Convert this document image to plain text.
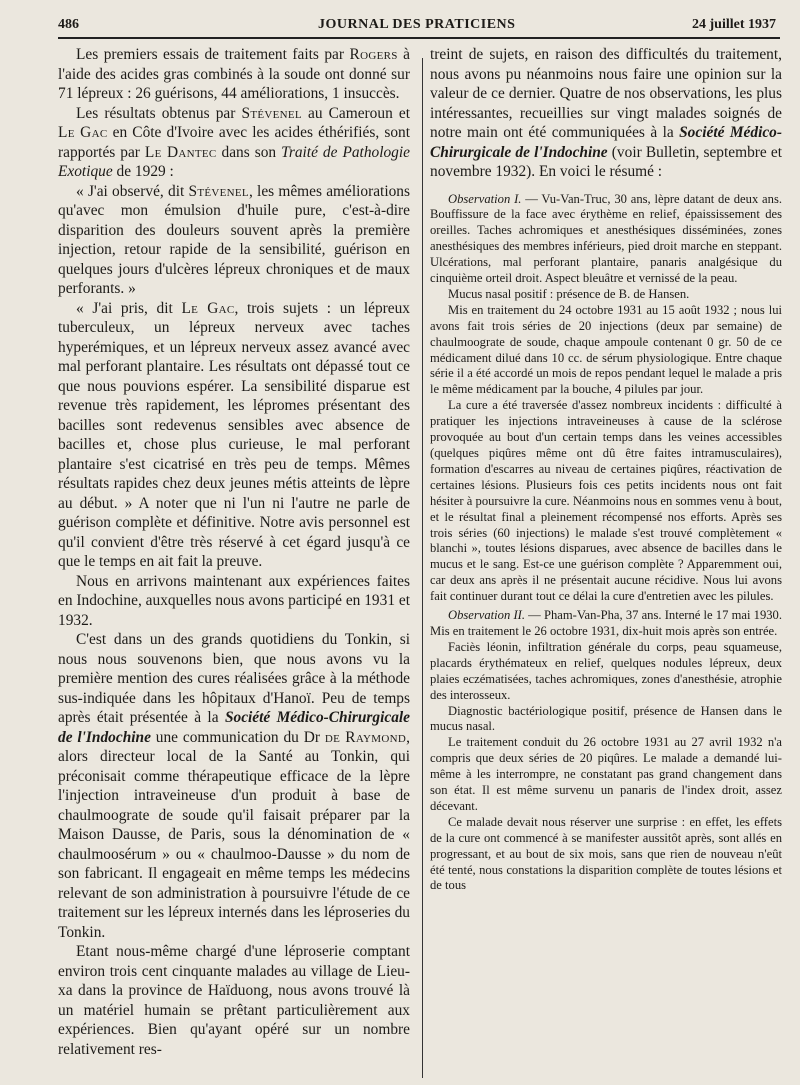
486	JOURNAL DES PRATICIENS	24 juillet 1937

Les premiers essais de traitement faits par Rogers à l'aide des acides gras combinés à la soude ont donné sur 71 lépreux : 26 guérisons, 44 améliorations, 1 insuccès.

Les résultats obtenus par Stévenel au Cameroun et Le Gac en Côte d'Ivoire avec les acides éthérifiés, sont rapportés par Le Dantec dans son Traité de Pathologie Exotique de 1929 :

« J'ai observé, dit Stévenel, les mêmes améliorations qu'avec mon émulsion d'huile pure, c'est-à-dire disparition des douleurs souvent après la première injection, retour rapide de la sensibilité, guérison en quelques jours d'ulcères lépreux chroniques et de maux perforants. »

« J'ai pris, dit Le Gac, trois sujets : un lépreux tuberculeux, un lépreux nerveux avec taches hyperémiques, et un lépreux nerveux assez avancé avec mal perforant plantaire. Les résultats ont dépassé tout ce que nous pouvions espérer. La sensibilité disparue est revenue très rapidement, les lépromes présentant des bacilles sont redevenus sensibles avec absence de bacilles et, chose plus curieuse, le mal perforant plantaire s'est cicatrisé en très peu de temps. Mêmes résultats rapides chez deux jeunes métis atteints de lèpre au début. » A noter que ni l'un ni l'autre ne parle de guérison complète et définitive. Notre avis personnel est qu'il convient d'être très réservé à cet égard jusqu'à ce que le temps en ait fait la preuve.

Nous en arrivons maintenant aux expériences faites en Indochine, auxquelles nous avons participé en 1931 et 1932.

C'est dans un des grands quotidiens du Tonkin, si nous nous souvenons bien, que nous avons vu la première mention des cures réalisées grâce à la méthode sus-indiquée dans les hôpitaux d'Hanoï. Peu de temps après était présentée à la Société Médico-Chirurgicale de l'Indochine une communication du Dr de Raymond, alors directeur local de la Santé au Tonkin, qui préconisait comme thérapeutique efficace de la lèpre l'injection intraveineuse d'un produit à base de chaulmoograte de soude qu'il faisait préparer par la Maison Dausse, de Paris, sous la dénomination de « chaulmoosérum » ou « chaulmoo-Dausse » du nom de son fabricant. Il engageait en même temps les médecins relevant de son administration à poursuivre l'étude de ce traitement sur les lépreux internés dans les léproseries du Tonkin.

Etant nous-même chargé d'une léproserie comptant environ trois cent cinquante malades au village de Lieu-xa dans la province de Haïduong, nous avons trouvé là un matériel humain se prêtant particulièrement aux expériences. Bien qu'ayant opéré sur un nombre relativement res-

treint de sujets, en raison des difficultés du traitement, nous avons pu néanmoins nous faire une opinion sur la valeur de ce dernier. Quatre de nos observations, les plus intéressantes, recueillies sur vingt malades soignés de notre main ont été communiquées à la Société Médico-Chirurgicale de l'Indochine (voir Bulletin, septembre et novembre 1932). En voici le résumé :

Observation I. — Vu-Van-Truc, 30 ans, lèpre datant de deux ans. Bouffissure de la face avec érythème en relief, épaississement des oreilles. Taches achromiques et anesthésiques disséminées, zones anesthésiques des membres inférieurs, pied droit marche en steppant. Ulcérations, mal perforant plantaire, panaris analgésique du cinquième orteil droit. Aspect bleuâtre et vernissé de la peau.

Mucus nasal positif : présence de B. de Hansen.

Mis en traitement du 24 octobre 1931 au 15 août 1932 ; nous lui avons fait trois séries de 20 injections (deux par semaine) de chaulmoograte de soude, chaque ampoule contenant 0 gr. 50 de ce médicament dilué dans 10 cc. de sérum physiologique. Entre chaque série il a été accordé un mois de repos pendant lequel le malade a pris le même médicament par la bouche, 4 pilules par jour.

La cure a été traversée d'assez nombreux incidents : difficulté à pratiquer les injections intraveineuses à cause de la sclérose provoquée au bout d'un certain temps dans les veines accessibles (quelques piqûres même ont dû être faites intramusculaires), formation d'escarres au niveau de certaines piqûres, réactivation de certaines lésions. Plusieurs fois ces petits incidents nous ont fait hésiter à poursuivre la cure. Néanmoins nous en sommes venu à bout, et le résultat final a pleinement récompensé nos efforts. Après ses trois séries (60 injections) le malade s'est trouvé complètement « blanchi », toutes lésions disparues, avec absence de bacilles dans le mucus et le sang. Est-ce une guérison complète ? Apparemment oui, car deux ans après il ne présentait aucune récidive. Nous lui avons fait continuer durant tout ce délai la cure d'entretien avec les pilules.

Observation II. — Pham-Van-Pha, 37 ans. Interné le 17 mai 1930. Mis en traitement le 26 octobre 1931, dix-huit mois après son entrée.

Faciès léonin, infiltration générale du corps, peau squameuse, placards érythémateux en relief, quelques nodules lépreux, deux plaies eczématisées, taches achromiques, zones d'anesthésie, atrophie des interosseux.

Diagnostic bactériologique positif, présence de Hansen dans le mucus nasal.

Le traitement conduit du 26 octobre 1931 au 27 avril 1932 n'a compris que deux séries de 20 piqûres. Le malade a demandé lui-même à les interrompre, ne constatant pas grand changement dans son état. Il est même survenu un panaris de l'index droit, assez décevant.

Ce malade devait nous réserver une surprise : en effet, les effets de la cure ont commencé à se manifester aussitôt après, sont allés en progressant, et au bout de six mois, sans que rien de nouveau n'eût été tenté, nous constations la disparition complète de toutes lésions et de tous
